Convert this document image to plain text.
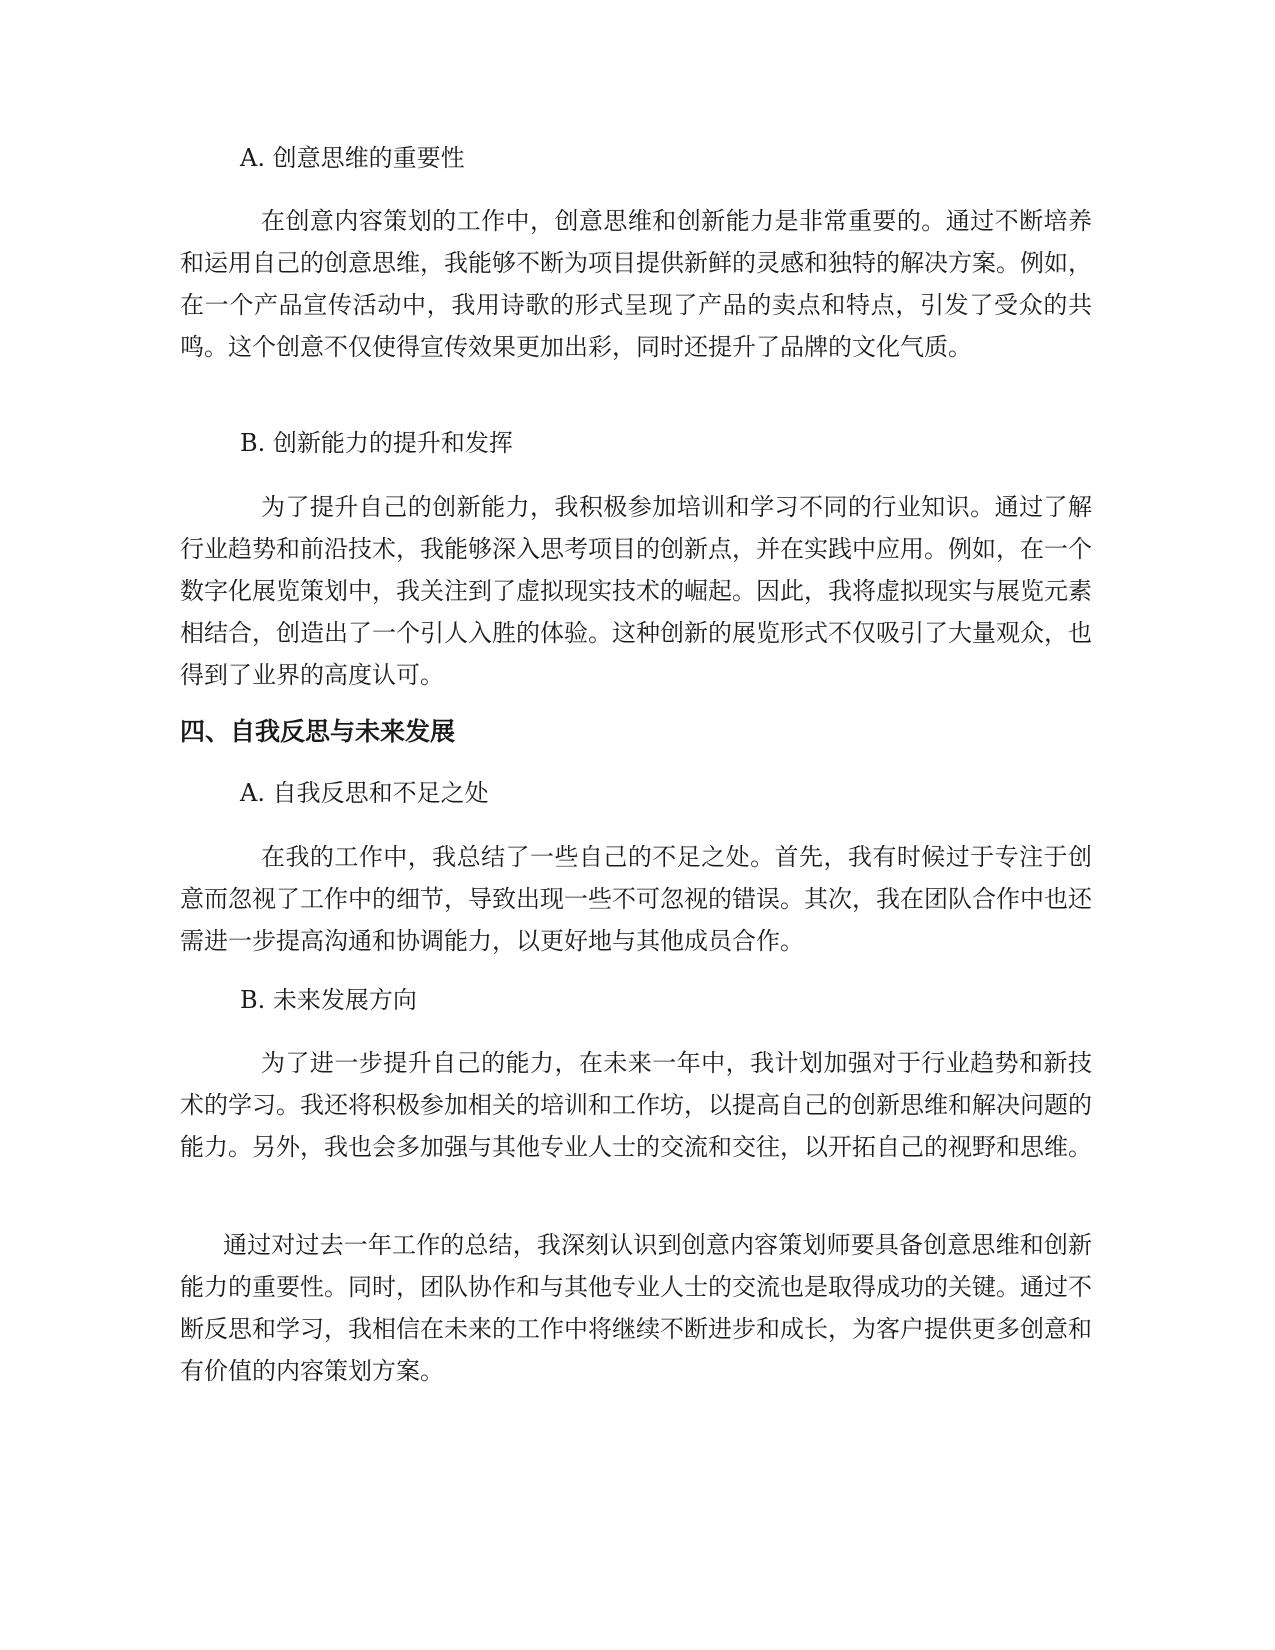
A. 创意思维的重要性
在创意内容策划的工作中，创意思维和创新能力是非常重要的。通过不断培养和运用自己的创意思维，我能够不断为项目提供新鲜的灵感和独特的解决方案。例如，在一个产品宣传活动中，我用诗歌的形式呈现了产品的卖点和特点，引发了受众的共鸣。这个创意不仅使得宣传效果更加出彩，同时还提升了品牌的文化气质。
B. 创新能力的提升和发挥
为了提升自己的创新能力，我积极参加培训和学习不同的行业知识。通过了解行业趋势和前沿技术，我能够深入思考项目的创新点，并在实践中应用。例如，在一个数字化展览策划中，我关注到了虚拟现实技术的崛起。因此，我将虚拟现实与展览元素相结合，创造出了一个引人入胜的体验。这种创新的展览形式不仅吸引了大量观众，也得到了业界的高度认可。
四、自我反思与未来发展
A. 自我反思和不足之处
在我的工作中，我总结了一些自己的不足之处。首先，我有时候过于专注于创意而忽视了工作中的细节，导致出现一些不可忽视的错误。其次，我在团队合作中也还需进一步提高沟通和协调能力，以更好地与其他成员合作。
B. 未来发展方向
为了进一步提升自己的能力，在未来一年中，我计划加强对于行业趋势和新技术的学习。我还将积极参加相关的培训和工作坊，以提高自己的创新思维和解决问题的能力。另外，我也会多加强与其他专业人士的交流和交往，以开拓自己的视野和思维。
通过对过去一年工作的总结，我深刻认识到创意内容策划师要具备创意思维和创新能力的重要性。同时，团队协作和与其他专业人士的交流也是取得成功的关键。通过不断反思和学习，我相信在未来的工作中将继续不断进步和成长，为客户提供更多创意和有价值的内容策划方案。
